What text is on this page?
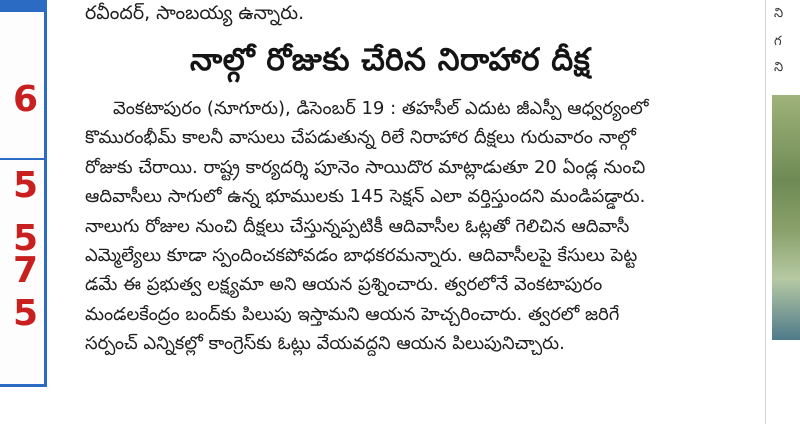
6
5
5
7
5
రవీందర్, సాంబయ్య ఉన్నారు.
నాల్గో రోజుకు చేరిన నిరాహార దీక్ష
వెంకటాపురం (నూగూరు), డిసెంబర్ 19 : తహసీల్ ఎదుట జీఎస్పీ ఆధ్వర్యంలో
కొమురంభీమ్ కాలనీ వాసులు చేపడుతున్న రిలే నిరాహార దీక్షలు గురువారం నాల్గో
రోజుకు చేరాయి. రాష్ట్ర కార్యదర్శి పూనెం సాయిదొర మాట్లాడుతూ 20 ఏండ్ల నుంచి
ఆదివాసీలు సాగులో ఉన్న భూములకు 145 సెక్షన్ ఎలా వర్తిస్తుందని మండిపడ్డారు.
నాలుగు రోజుల నుంచి దీక్షలు చేస్తున్నప్పటికీ ఆదివాసీల ఓట్లతో గెలిచిన ఆదివాసీ
ఎమ్మెల్యేలు కూడా స్పందించకపోవడం బాధకరమన్నారు. ఆదివాసీలపై కేసులు పెట్ట
డమే ఈ ప్రభుత్వ లక్ష్యమా అని ఆయన ప్రశ్నించారు. త్వరలోనే వెంకటాపురం
మండలకేంద్రం బంద్‌కు పిలుపు ఇస్తామని ఆయన హెచ్చరించారు. త్వరలో జరిగే
సర్పంచ్ ఎన్నికల్లో కాంగ్రెస్‌కు ఓట్లు వేయవద్దని ఆయన పిలుపునిచ్చారు.
ని
గ
ని
